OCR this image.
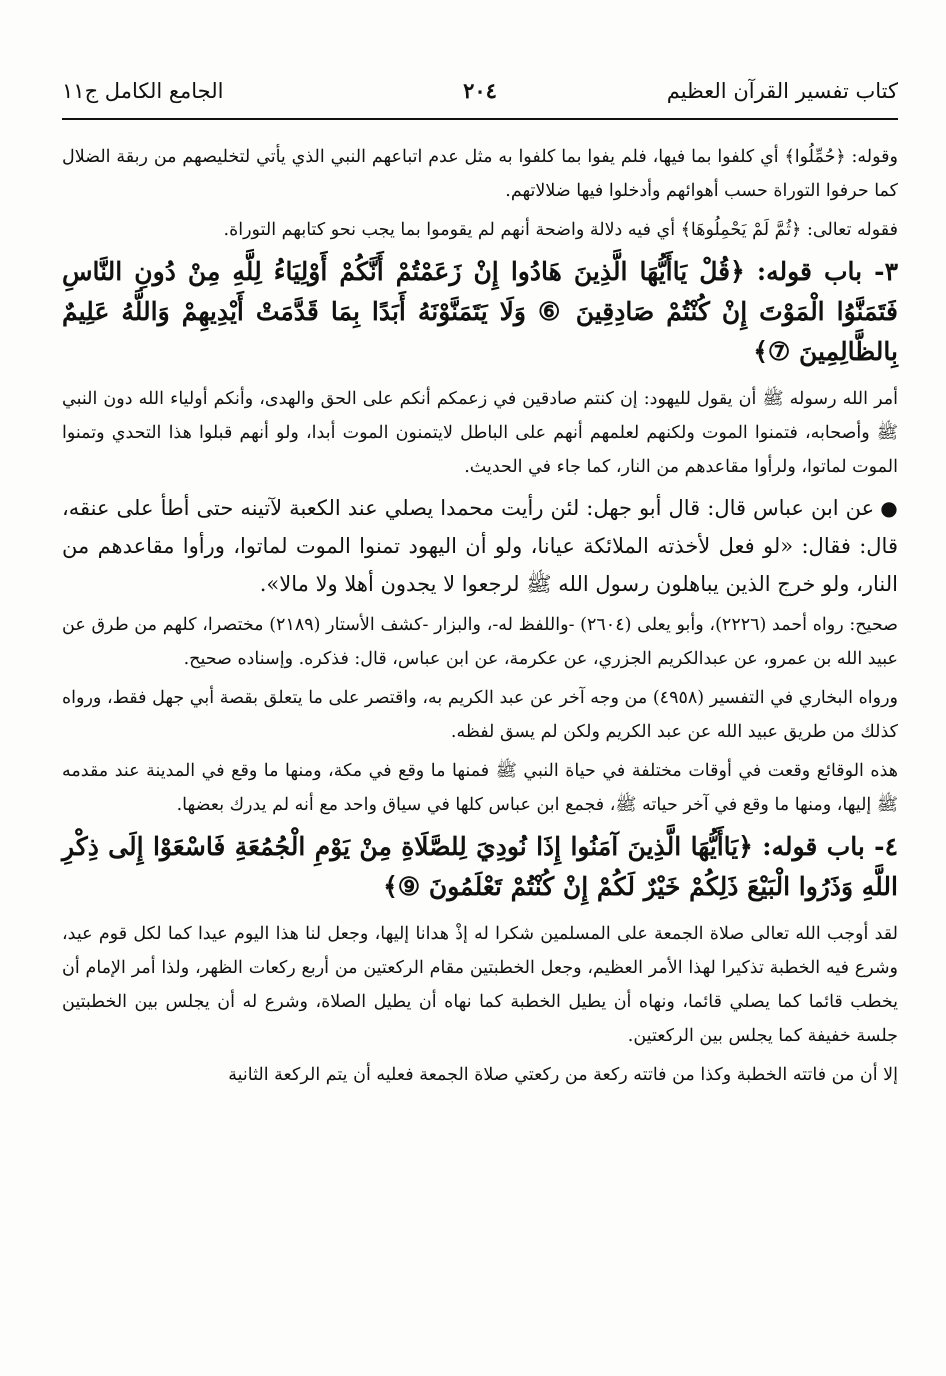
كتاب تفسير القرآن العظيم
٢٠٤
الجامع الكامل ج١١

وقوله: ﴿حُمِّلُوا﴾ أي كلفوا بما فيها، فلم يفوا بما كلفوا به مثل عدم اتباعهم النبي الذي يأتي لتخليصهم من ربقة الضلال كما حرفوا التوراة حسب أهوائهم وأدخلوا فيها ضلالاتهم.

فقوله تعالى: ﴿ثُمَّ لَمْ يَحْمِلُوهَا﴾ أي فيه دلالة واضحة أنهم لم يقوموا بما يجب نحو كتابهم التوراة.

٣- باب قوله: ﴿قُلْ يَاأَيُّهَا الَّذِينَ هَادُوا إِنْ زَعَمْتُمْ أَنَّكُمْ أَوْلِيَاءُ لِلَّهِ مِنْ دُونِ النَّاسِ فَتَمَنَّوُا الْمَوْتَ إِنْ كُنْتُمْ صَادِقِينَ ⑥ وَلَا يَتَمَنَّوْنَهُ أَبَدًا بِمَا قَدَّمَتْ أَيْدِيهِمْ وَاللَّهُ عَلِيمٌ بِالظَّالِمِينَ ⑦﴾

أمر الله رسوله ﷺ أن يقول لليهود: إن كنتم صادقين في زعمكم أنكم على الحق والهدى، وأنكم أولياء الله دون النبي ﷺ وأصحابه، فتمنوا الموت ولكنهم لعلمهم أنهم على الباطل لايتمنون الموت أبدا، ولو أنهم قبلوا هذا التحدي وتمنوا الموت لماتوا، ولرأوا مقاعدهم من النار، كما جاء في الحديث.

●عن ابن عباس قال: قال أبو جهل: لئن رأيت محمدا يصلي عند الكعبة لآتينه حتى أطأ على عنقه، قال: فقال: «لو فعل لأخذته الملائكة عيانا، ولو أن اليهود تمنوا الموت لماتوا، ورأوا مقاعدهم من النار، ولو خرج الذين يباهلون رسول الله ﷺ لرجعوا لا يجدون أهلا ولا مالا».

صحيح: رواه أحمد (٢٢٢٦)، وأبو يعلى (٢٦٠٤) -واللفظ له-، والبزار -كشف الأستار (٢١٨٩) مختصرا، كلهم من طرق عن عبيد الله بن عمرو، عن عبدالكريم الجزري، عن عكرمة، عن ابن عباس، قال: فذكره. وإسناده صحيح.

ورواه البخاري في التفسير (٤٩٥٨) من وجه آخر عن عبد الكريم به، واقتصر على ما يتعلق بقصة أبي جهل فقط، ورواه كذلك من طريق عبيد الله عن عبد الكريم ولكن لم يسق لفظه.

هذه الوقائع وقعت في أوقات مختلفة في حياة النبي ﷺ فمنها ما وقع في مكة، ومنها ما وقع في المدينة عند مقدمه ﷺ إليها، ومنها ما وقع في آخر حياته ﷺ، فجمع ابن عباس كلها في سياق واحد مع أنه لم يدرك بعضها.

٤- باب قوله: ﴿يَاأَيُّهَا الَّذِينَ آمَنُوا إِذَا نُودِيَ لِلصَّلَاةِ مِنْ يَوْمِ الْجُمُعَةِ فَاسْعَوْا إِلَى ذِكْرِ اللَّهِ وَذَرُوا الْبَيْعَ ذَلِكُمْ خَيْرٌ لَكُمْ إِنْ كُنْتُمْ تَعْلَمُونَ ⑨﴾

لقد أوجب الله تعالى صلاة الجمعة على المسلمين شكرا له إذْ هدانا إليها، وجعل لنا هذا اليوم عيدا كما لكل قوم عيد، وشرع فيه الخطبة تذكيرا لهذا الأمر العظيم، وجعل الخطبتين مقام الركعتين من أربع ركعات الظهر، ولذا أمر الإمام أن يخطب قائما كما يصلي قائما، ونهاه أن يطيل الخطبة كما نهاه أن يطيل الصلاة، وشرع له أن يجلس بين الخطبتين جلسة خفيفة كما يجلس بين الركعتين.

إلا أن من فاتته الخطبة وكذا من فاتته ركعة من ركعتي صلاة الجمعة فعليه أن يتم الركعة الثانية
